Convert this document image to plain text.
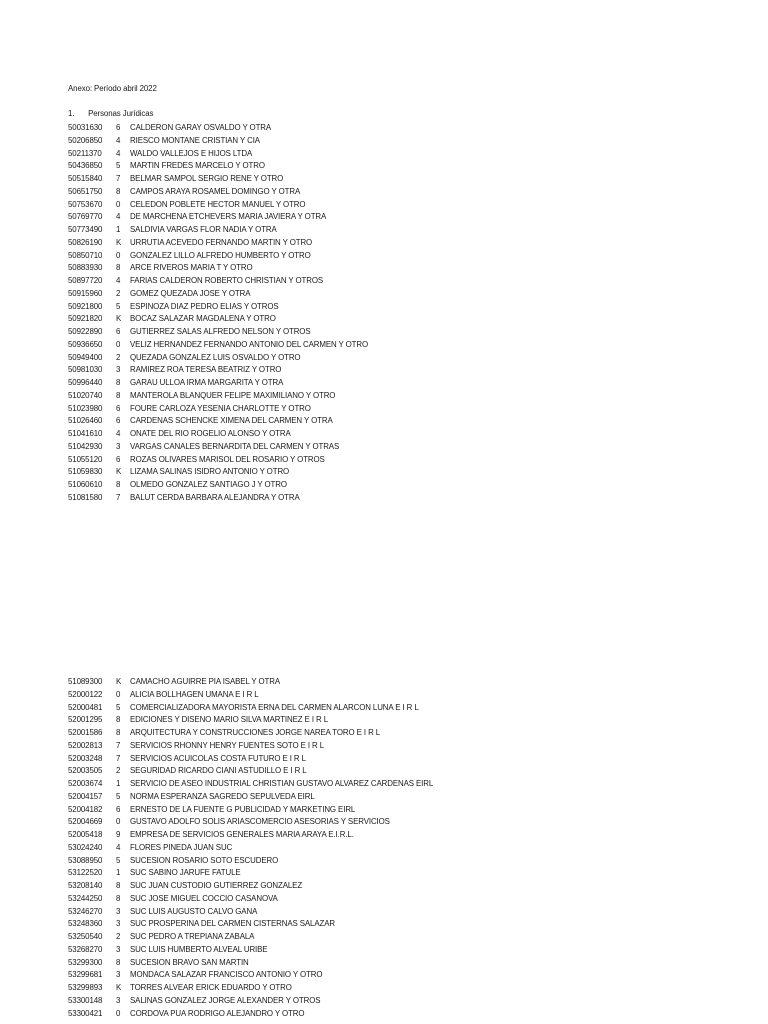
Anexo: Período abril 2022
1. Personas Jurídicas
50031630 6 CALDERON GARAY OSVALDO Y OTRA
50206850 4 RIESCO MONTANE CRISTIAN Y CIA
50211370 4 WALDO VALLEJOS E HIJOS LTDA
50436850 5 MARTIN FREDES MARCELO Y OTRO
50515840 7 BELMAR SAMPOL SERGIO RENE Y OTRO
50651750 8 CAMPOS ARAYA ROSAMEL DOMINGO Y OTRA
50753670 0 CELEDON POBLETE HECTOR MANUEL Y OTRO
50769770 4 DE MARCHENA ETCHEVERS MARIA JAVIERA Y OTRA
50773490 1 SALDIVIA VARGAS FLOR NADIA Y OTRA
50826190 K URRUTIA ACEVEDO FERNANDO MARTIN Y OTRO
50850710 0 GONZALEZ LILLO ALFREDO HUMBERTO Y OTRO
50883930 8 ARCE RIVEROS MARIA T Y OTRO
50897720 4 FARIAS CALDERON ROBERTO CHRISTIAN Y OTROS
50915960 2 GOMEZ QUEZADA JOSE Y OTRA
50921800 5 ESPINOZA DIAZ PEDRO ELIAS Y OTROS
50921820 K BOCAZ SALAZAR MAGDALENA Y OTRO
50922890 6 GUTIERREZ SALAS ALFREDO NELSON Y OTROS
50936650 0 VELIZ HERNANDEZ FERNANDO ANTONIO DEL CARMEN Y OTRO
50949400 2 QUEZADA GONZALEZ LUIS OSVALDO Y OTRO
50981030 3 RAMIREZ ROA TERESA BEATRIZ Y OTRO
50996440 8 GARAU ULLOA IRMA MARGARITA Y OTRA
51020740 8 MANTEROLA BLANQUER FELIPE MAXIMILIANO Y OTRO
51023980 6 FOURE CARLOZA YESENIA CHARLOTTE Y OTRO
51026460 6 CARDENAS SCHENCKE XIMENA DEL CARMEN Y OTRA
51041610 4 ONATE DEL RIO ROGELIO ALONSO Y OTRA
51042930 3 VARGAS CANALES BERNARDITA DEL CARMEN Y OTRAS
51055120 6 ROZAS OLIVARES MARISOL DEL ROSARIO Y OTROS
51059830 K LIZAMA SALINAS ISIDRO ANTONIO Y OTRO
51060610 8 OLMEDO GONZALEZ SANTIAGO J Y OTRO
51081580 7 BALUT CERDA BARBARA ALEJANDRA Y OTRA
51089300 K CAMACHO AGUIRRE PIA ISABEL Y OTRA
52000122 0 ALICIA BOLLHAGEN UMANA E I R L
52000481 5 COMERCIALIZADORA MAYORISTA ERNA DEL CARMEN ALARCON LUNA E I R L
52001295 8 EDICIONES Y DISENO MARIO SILVA MARTINEZ E I R L
52001586 8 ARQUITECTURA Y CONSTRUCCIONES JORGE NAREA TORO E I R L
52002813 7 SERVICIOS RHONNY HENRY FUENTES SOTO E I R L
52003248 7 SERVICIOS ACUICOLAS COSTA FUTURO E I R L
52003505 2 SEGURIDAD RICARDO CIANI ASTUDILLO E I R L
52003674 1 SERVICIO DE ASEO INDUSTRIAL CHRISTIAN GUSTAVO ALVAREZ CARDENAS EIRL
52004157 5 NORMA ESPERANZA SAGREDO SEPULVEDA EIRL
52004182 6 ERNESTO DE LA FUENTE G PUBLICIDAD Y MARKETING EIRL
52004669 0 GUSTAVO ADOLFO SOLIS ARIASCOMERCIO ASESORIAS Y SERVICIOS
52005418 9 EMPRESA DE SERVICIOS GENERALES MARIA ARAYA E.I.R.L.
53024240 4 FLORES PINEDA JUAN SUC
53088950 5 SUCESION ROSARIO SOTO ESCUDERO
53122520 1 SUC SABINO JARUFE FATULE
53208140 8 SUC JUAN CUSTODIO GUTIERREZ GONZALEZ
53244250 8 SUC JOSE MIGUEL COCCIO CASANOVA
53246270 3 SUC LUIS AUGUSTO CALVO GANA
53248360 3 SUC PROSPERINA DEL CARMEN CISTERNAS SALAZAR
53250540 2 SUC PEDRO A TREPIANA ZABALA
53268270 3 SUC LUIS HUMBERTO ALVEAL URIBE
53299300 8 SUCESION BRAVO SAN MARTIN
53299681 3 MONDACA SALAZAR FRANCISCO ANTONIO Y OTRO
53299893 K TORRES ALVEAR ERICK EDUARDO Y OTRO
53300148 3 SALINAS GONZALEZ JORGE ALEXANDER Y OTROS
53300421 0 CORDOVA PUA RODRIGO ALEJANDRO Y OTRO
